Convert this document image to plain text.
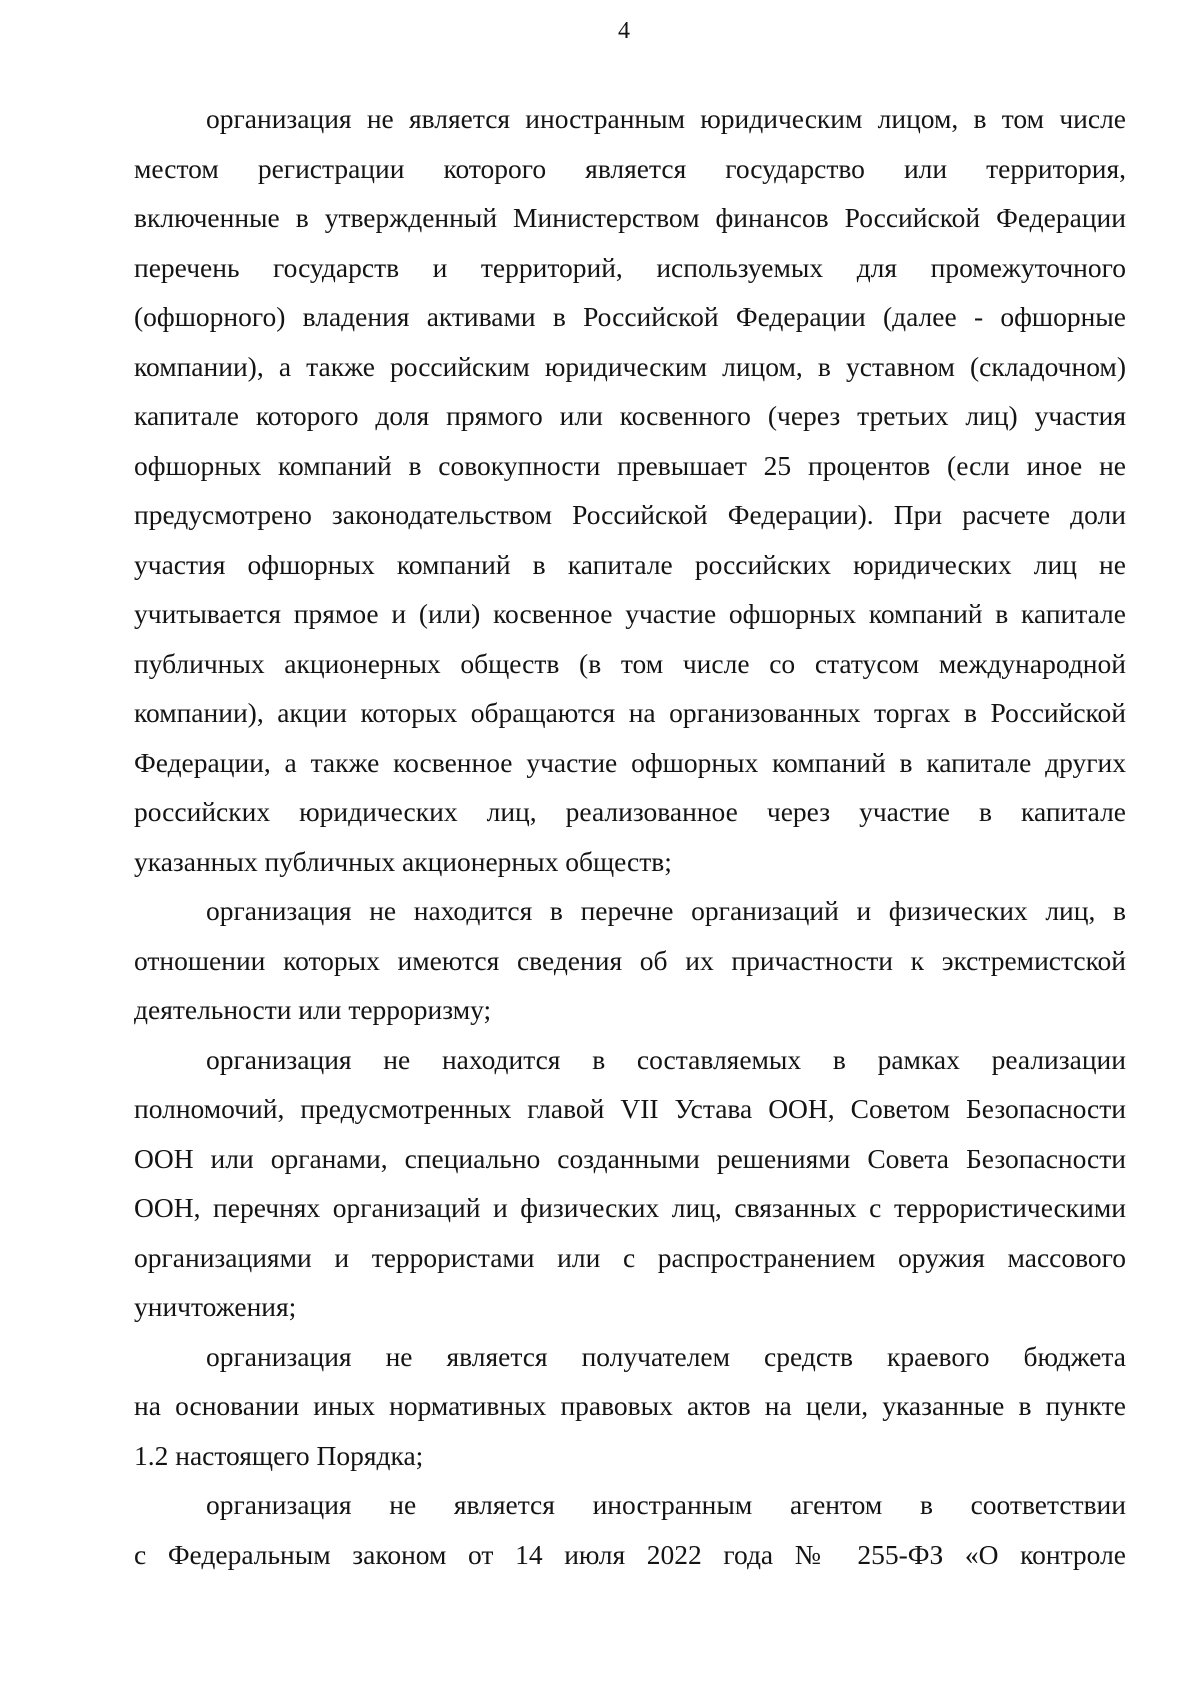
4

организация не является иностранным юридическим лицом, в том числе
местом регистрации которого является государство или территория,
включенные в утвержденный Министерством финансов Российской Федерации
перечень государств и территорий, используемых для промежуточного
(офшорного) владения активами в Российской Федерации (далее - офшорные
компании), а также российским юридическим лицом, в уставном (складочном)
капитале которого доля прямого или косвенного (через третьих лиц) участия
офшорных компаний в совокупности превышает 25 процентов (если иное не
предусмотрено законодательством Российской Федерации). При расчете доли
участия офшорных компаний в капитале российских юридических лиц не
учитывается прямое и (или) косвенное участие офшорных компаний в капитале
публичных акционерных обществ (в том числе со статусом международной
компании), акции которых обращаются на организованных торгах в Российской
Федерации, а также косвенное участие офшорных компаний в капитале других
российских юридических лиц, реализованное через участие в капитале
указанных публичных акционерных обществ;

организация не находится в перечне организаций и физических лиц, в
отношении которых имеются сведения об их причастности к экстремистской
деятельности или терроризму;

организация не находится в составляемых в рамках реализации
полномочий, предусмотренных главой VII Устава ООН, Советом Безопасности
ООН или органами, специально созданными решениями Совета Безопасности
ООН, перечнях организаций и физических лиц, связанных с террористическими
организациями и террористами или с распространением оружия массового
уничтожения;

организация не является получателем средств краевого бюджета
на основании иных нормативных правовых актов на цели, указанные в пункте
1.2 настоящего Порядка;

организация не является иностранным агентом в соответствии
с Федеральным законом от 14 июля 2022 года № 255-ФЗ «О контроле
